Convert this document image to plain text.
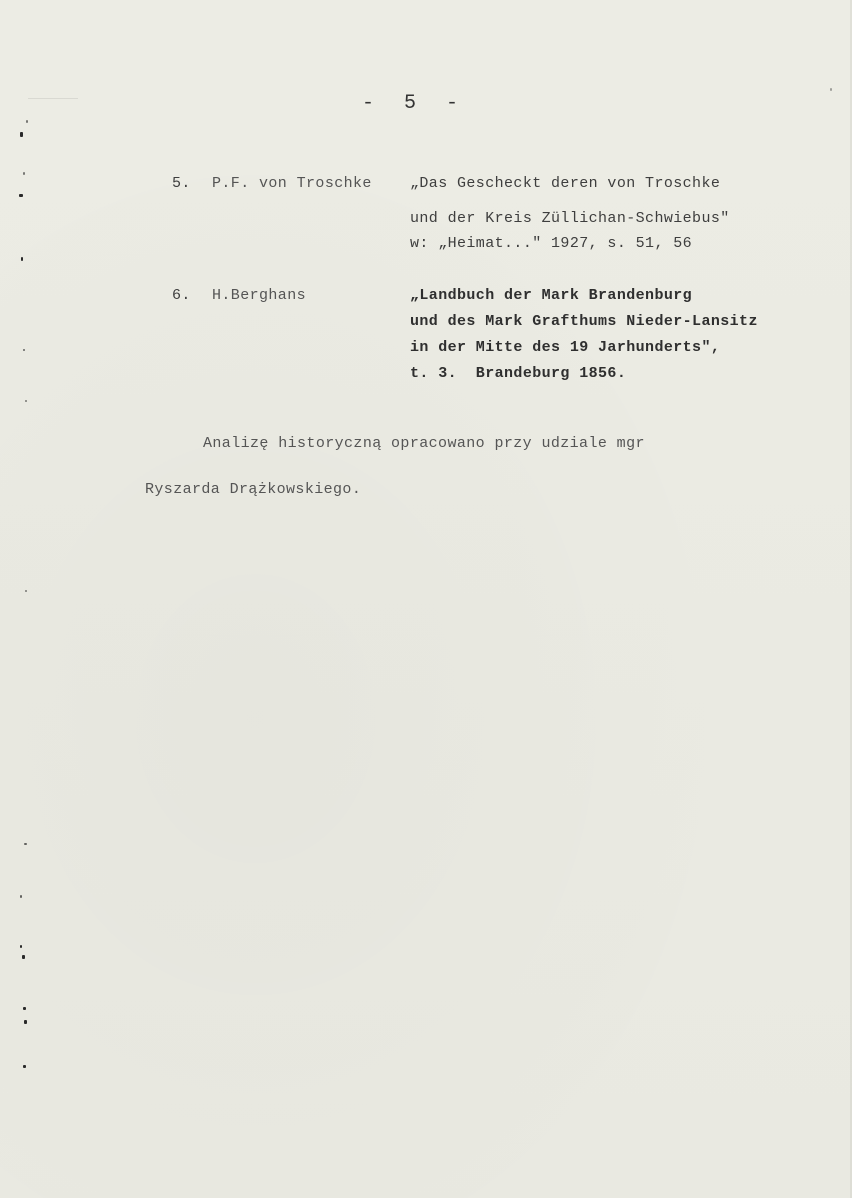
-  5  -
5. P.F. von Troschke	„Das Gescheckt deren von Troschke
und der Kreis Züllichan-Schwiebus"
w: „Heimat..." 1927, s. 51, 56
6. H.Berghans	„Landbuch der Mark Brandenburg
und des Mark Grafthums Nieder-Lansitz
in der Mitte des 19 Jarhunderts",
t. 3.  Brandeburg 1856.
Analizę historyczną opracowano przy udziale mgr
Ryszarda Drążkowskiego.
